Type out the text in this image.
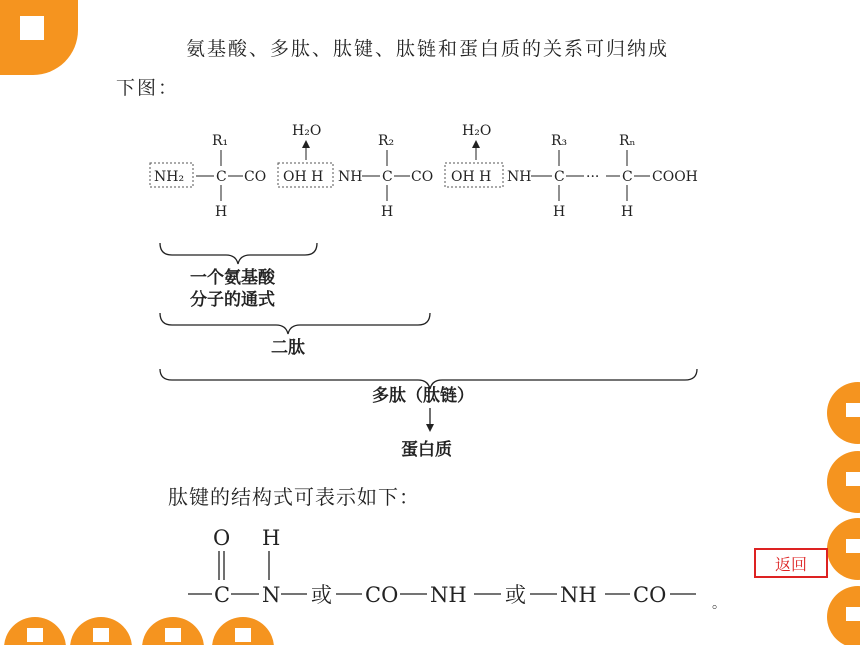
氨基酸、多肽、肽键、肽链和蛋白质的关系可归纳成
下图：
NH₂ C
R₁
H
CO OH H
H₂O
NH C
R₂
H
CO OH H
H₂O
NH C
R₃
H
··· C
Rₙ
H
COOH
一个氨基酸
分子的通式
二肽
多肽（肽链）
蛋白质
肽键的结构式可表示如下：
O H
C N 或 CO NH 或 NH CO	。
返回
